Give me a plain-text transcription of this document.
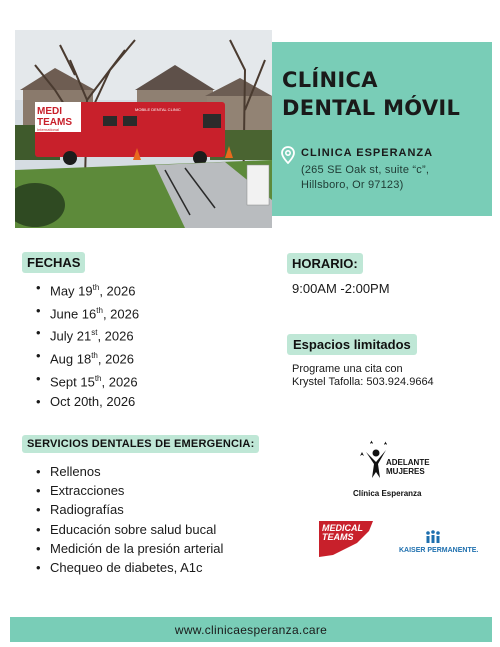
MEDI
TEAMS
International
MOBILE DENTAL CLINIC
CLÍNICA
DENTAL MÓVIL
CLINICA ESPERANZA
(265 SE Oak st, suite “c”,
Hillsboro, Or 97123)
FECHAS
• May 19th, 2026
• June 16th, 2026
• July 21st, 2026
• Aug 18th, 2026
• Sept 15th, 2026
• Oct 20th, 2026
HORARIO:
9:00AM -2:00PM
Espacios limitados
Programe una cita con
Krystel Tafolla: 503.924.9664
SERVICIOS DENTALES DE EMERGENCIA:
• Rellenos
• Extracciones
• Radiografías
• Educación sobre salud bucal
• Medición de la presión arterial
• Chequeo de diabetes, A1c
ADELANTE
MUJERES
Clínica Esperanza
MEDICAL
TEAMS
KAISER PERMANENTE.
www.clinicaesperanza.care
